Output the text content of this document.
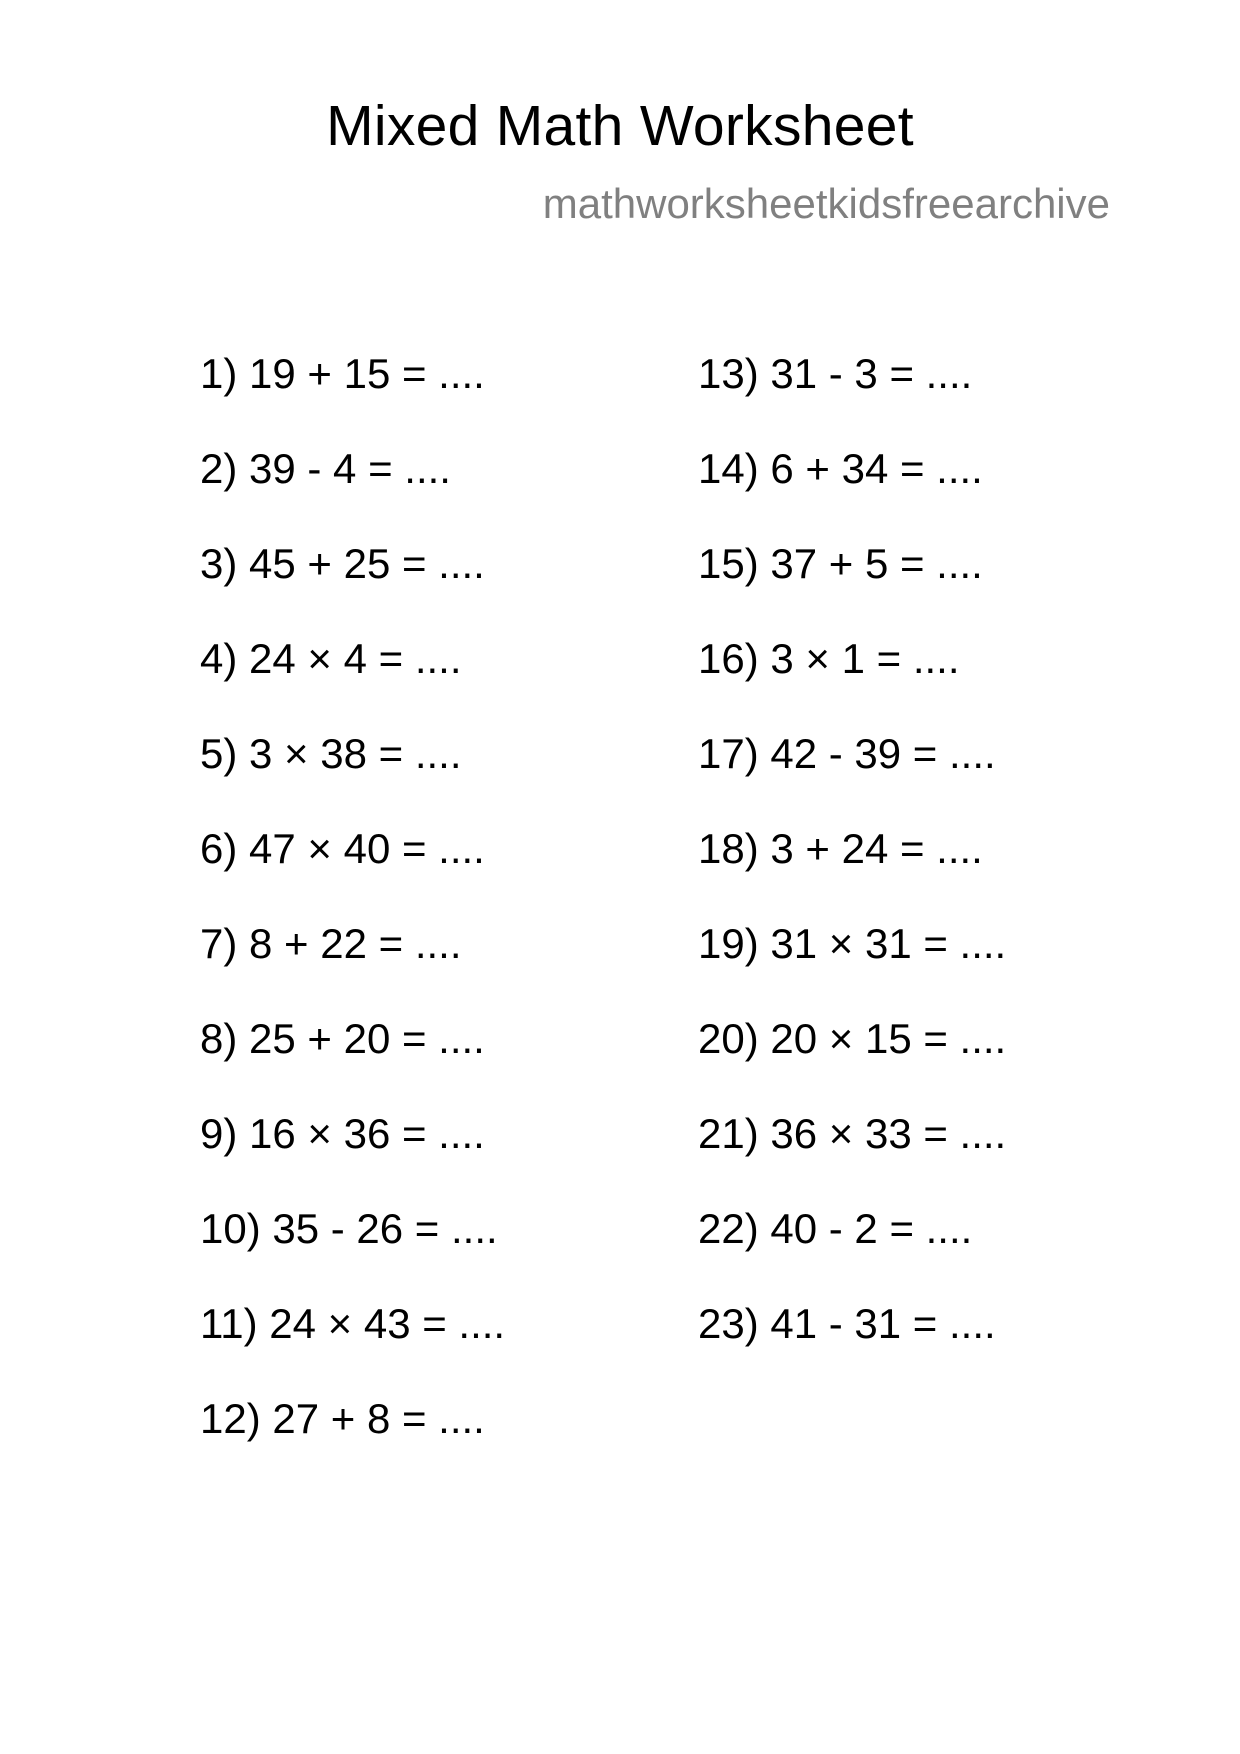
Mixed Math Worksheet
mathworksheetkidsfreearchive
1) 19 + 15 = ....
2) 39 - 4 = ....
3) 45 + 25 = ....
4) 24 × 4 = ....
5) 3 × 38 = ....
6) 47 × 40 = ....
7) 8 + 22 = ....
8) 25 + 20 = ....
9) 16 × 36 = ....
10) 35 - 26 = ....
11) 24 × 43 = ....
12) 27 + 8 = ....
13) 31 - 3 = ....
14) 6 + 34 = ....
15) 37 + 5 = ....
16) 3 × 1 = ....
17) 42 - 39 = ....
18) 3 + 24 = ....
19) 31 × 31 = ....
20) 20 × 15 = ....
21) 36 × 33 = ....
22) 40 - 2 = ....
23) 41 - 31 = ....
